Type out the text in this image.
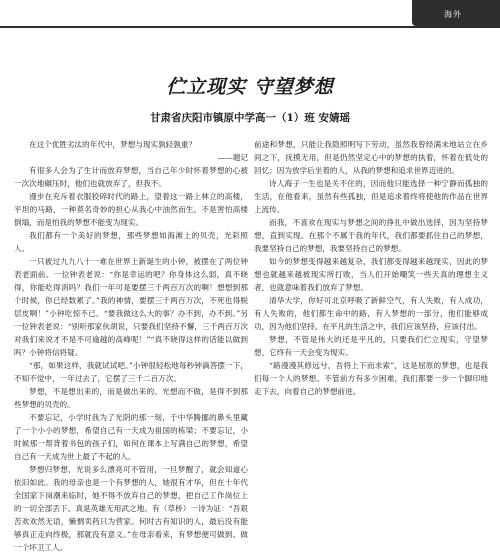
海外
伫立现实 守望梦想
甘肃省庆阳市镇原中学高一（1）班 安婧瑶

在这个优胜劣汰的年代中，梦想与现实孰轻孰重？

——题记

有很多人会为了生计而放弃梦想，当自己年少时怀着梦想的心被一次次地碾压时，他们也就放弃了，但我不。

漫步在充斥着衣服狡碎时代的路上，望着这一路上林立的高楼，平坦的马路，一种莫名奇妙的担心从我心中油然而生。不是害怕高楼倒塌，而是怕我的梦想不能变为现实。

我们都有一个美好的梦想，那些梦想如海滩上的贝壳，光彩照人。

一只被过九九八十一难在世界上新诞生的小钟，被摆在了两位钟表老面前。一位钟表老说：“你是幸运的吧？你身体这么弱，真不晓得，你能吃得消吗？我们一年可是要摆三千两百万次的啊！想想到那个时候，你已经数累了。”我的神情，要摆三千两百万次，不死也得脱层皮啊！”小钟吃惊不已。“要我做这么大的事？办不到，办不到。”另一位钟表老说：“别听那家伙胡说，只要我们坚持不懈，三千两百万次对我们来说才不是不可逾越的高峰呢！”“真不晓得这样的话能以做到吗？小钟将信将疑。

“那，如果这样，我就试试吧。”小钟很轻松地每秒钟滴答摆一下，不知不觉中，一年过去了，它摆了三千二百万次。

梦想，不是想出来的，而是做出来的。光想而不做，是得不到那些梦想的贝壳的。

不要忘记，小学时我为了光阴的那一刻，于中华腾挪的鼻头里藏了一个小小的梦想，希望自己有一天成为祖国的栋梁；不要忘记，小时候那一帮背着书包的孩子们，如何在课本上写满自己的梦想，希望自己有一天成为世上最了不起的人。

梦想归梦想，光说多么漂亮可不管用，一旦梦醒了，就会知道心依旧如此。我的母亲也是一个有梦想的人，她很有才华，但在十年代全国家下岗潮来临时，她不得不放弃自己的梦想，把自己工作岗位上的一切全部丢下。真是英雄无用武之地。有（草桥）一诗为证：“吾艰苦欢欢然无语，懒惆卖药只为营家。何时古有知识的人，最后没有能够真正走向终极，那就没有意义。”在母亲看来，有梦想便可做到。做一个坏卫工人。

前途和梦想，只能让我隐照明写下劳动，虽然我曾经满未地站立在乡间之下，抚摸无用，但是仍然坚定心中的梦想的执着，怀着在低处的回忆；因为放学后坐着的人，从我的梦想和追求世界迈进的。

诗人海子一生也是关不住的，因而他只能选择一种宁静而孤独的生活，在他看来，虽然有些孤独，但是追求着终将使他的作品在世界上流传。

而我，不喜欢在现实与梦想之间的挣扎中做出选择，因为坚持梦想，直到实现。在那个不属于我的年代，我们都要抓住自己的梦想，我要坚持自己的梦想，我要坚持自己的梦想。

如今的梦想变得越来越复杂，我们都变得越来越现实，因此的梦想也就越来越被现实所打败，当人们开始嘲笑一些天真的理想主义者，也就意味着我们放弃了梦想。

清华大学，你好可北京呼吸了新鲜空气，有人失败，有人成功，有人失败的，他们都生命中的路，有人梦想的一部分，他们能够成功，因为他们坚持。在平凡的生活之中，我们应该坚持，应该付出。

梦想，不管是伟大的还是平凡的，只要我们伫立现实，守望梦想，它终有一天会变为现实。

“路漫漫其修远兮，吾将上下而求索”，这是屈原的梦想，也是我们每一个人的梦想。不管前方有多少困难，我们都要一步一个脚印地走下去，向着自己的梦想前进。
